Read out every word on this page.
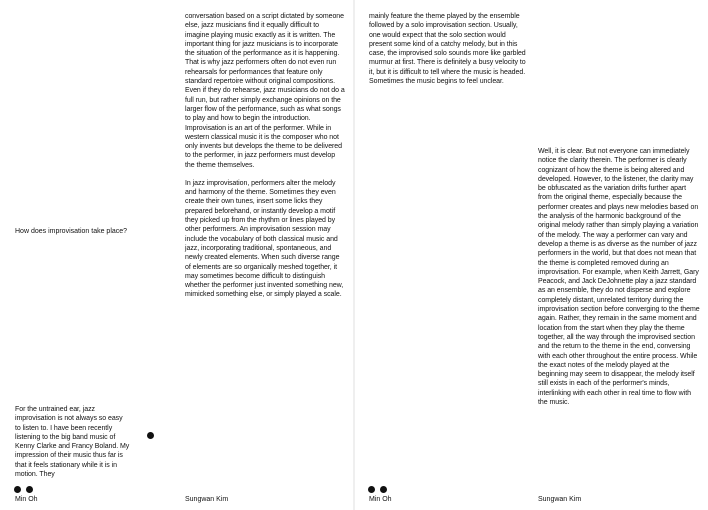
How does improvisation take place?

For the untrained ear, jazz improvisation is not always so easy to listen to. I have been recently listening to the big band music of Kenny Clarke and Francy Boland. My impression of their music thus far is that it feels stationary while it is in motion. They

conversation based on a script dictated by someone else, jazz musicians find it equally difficult to imagine playing music exactly as it is written. The important thing for jazz musicians is to incorporate the situation of the performance as it is happening. That is why jazz performers often do not even run rehearsals for performances that feature only standard repertoire without original compositions. Even if they do rehearse, jazz musicians do not do a full run, but rather simply exchange opinions on the larger flow of the performance, such as what songs to play and how to begin the introduction. Improvisation is an art of the performer. While in western classical music it is the composer who not only invents but develops the theme to be delivered to the performer, in jazz performers must develop the theme themselves.

In jazz improvisation, performers alter the melody and harmony of the theme. Sometimes they even create their own tunes, insert some licks they prepared beforehand, or instantly develop a motif they picked up from the rhythm or lines played by other performers. An improvisation session may include the vocabulary of both classical music and jazz, incorporating traditional, spontaneous, and newly created elements. When such diverse range of elements are so organically meshed together, it may sometimes become difficult to distinguish whether the performer just invented something new, mimicked something else, or simply played a scale.

Min Oh	Sungwan Kim

mainly feature the theme played by the ensemble followed by a solo improvisation section. Usually, one would expect that the solo section would present some kind of a catchy melody, but in this case, the improvised solo sounds more like garbled murmur at first. There is definitely a busy velocity to it, but it is difficult to tell where the music is headed. Sometimes the music begins to feel unclear.

Well, it is clear. But not everyone can immediately notice the clarity therein. The performer is clearly cognizant of how the theme is being altered and developed. However, to the listener, the clarity may be obfuscated as the variation drifts further apart from the original theme, especially because the performer creates and plays new melodies based on the analysis of the harmonic background of the original melody rather than simply playing a variation of the melody. The way a performer can vary and develop a theme is as diverse as the number of jazz performers in the world, but that does not mean that the theme is completed removed during an improvisation. For example, when Keith Jarrett, Gary Peacock, and Jack DeJohnette play a jazz standard as an ensemble, they do not disperse and explore completely distant, unrelated territory during the improvisation section before converging to the theme again. Rather, they remain in the same moment and location from the start when they play the theme together, all the way through the improvised section and the return to the theme in the end, conversing with each other throughout the entire process. While the exact notes of the melody played at the beginning may seem to disappear, the melody itself still exists in each of the performer's minds, interlinking with each other in real time to flow with the music.

Min Oh	Sungwan Kim
